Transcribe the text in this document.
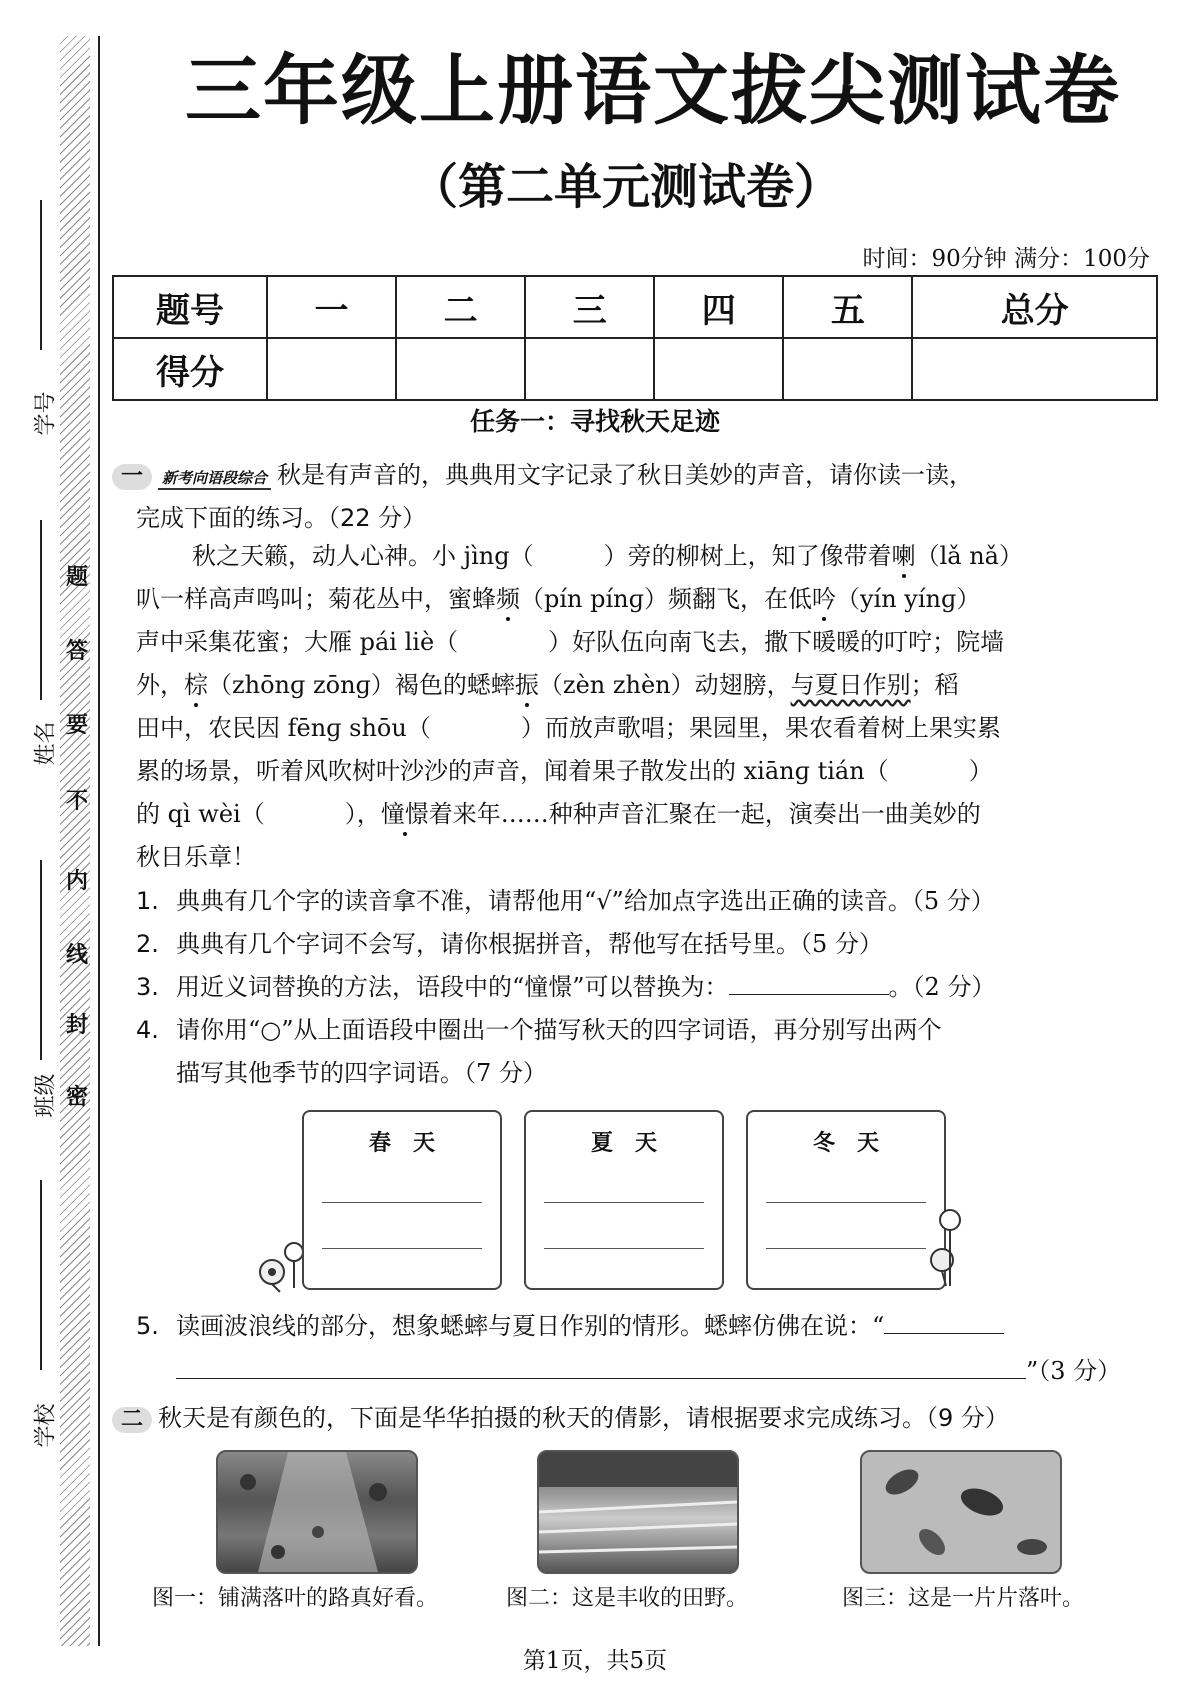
学号
姓名
班级
学校
题
答
要
不
内
线
封
密
三年级上册语文拔尖测试卷
（第二单元测试卷）
时间：90分钟 满分：100分
题号	一	二	三	四	五	总分
得分						
任务一：寻找秋天足迹
一 新考向语段综合 秋是有声音的，典典用文字记录了秋日美妙的声音，请你读一读，
完成下面的练习。（22 分）
秋之天籁，动人心神。小 jìng（	）旁的柳树上，知了像带着喇（lǎ nǎ）
叭一样高声鸣叫；菊花丛中，蜜蜂频（pín pínɡ）频翻飞，在低吟（yín yínɡ）
声中采集花蜜；大雁 pái liè（	）好队伍向南飞去，撒下暖暖的叮咛；院墙
外，棕（zhōnɡ zōnɡ）褐色的蟋蟀振（zèn zhèn）动翅膀，与夏日作别；稻
田中，农民因 fēnɡ shōu（	）而放声歌唱；果园里，果农看着树上果实累
累的场景，听着风吹树叶沙沙的声音，闻着果子散发出的 xiānɡ tián（	）
的 qì wèi（	），憧憬着来年……种种声音汇聚在一起，演奏出一曲美妙的
秋日乐章！
1. 典典有几个字的读音拿不准，请帮他用“√”给加点字选出正确的读音。（5 分）
2. 典典有几个字词不会写，请你根据拼音，帮他写在括号里。（5 分）
3. 用近义词替换的方法，语段中的“憧憬”可以替换为：	。（2 分）
4. 请你用“○”从上面语段中圈出一个描写秋天的四字词语，再分别写出两个
描写其他季节的四字词语。（7 分）
春　天	夏　天	冬　天
5. 读画波浪线的部分，想象蟋蟀与夏日作别的情形。蟋蟀仿佛在说：“
”（3 分）
二 秋天是有颜色的，下面是华华拍摄的秋天的倩影，请根据要求完成练习。（9 分）
图一：铺满落叶的路真好看。	图二：这是丰收的田野。	图三：这是一片片落叶。
第1页，共5页
